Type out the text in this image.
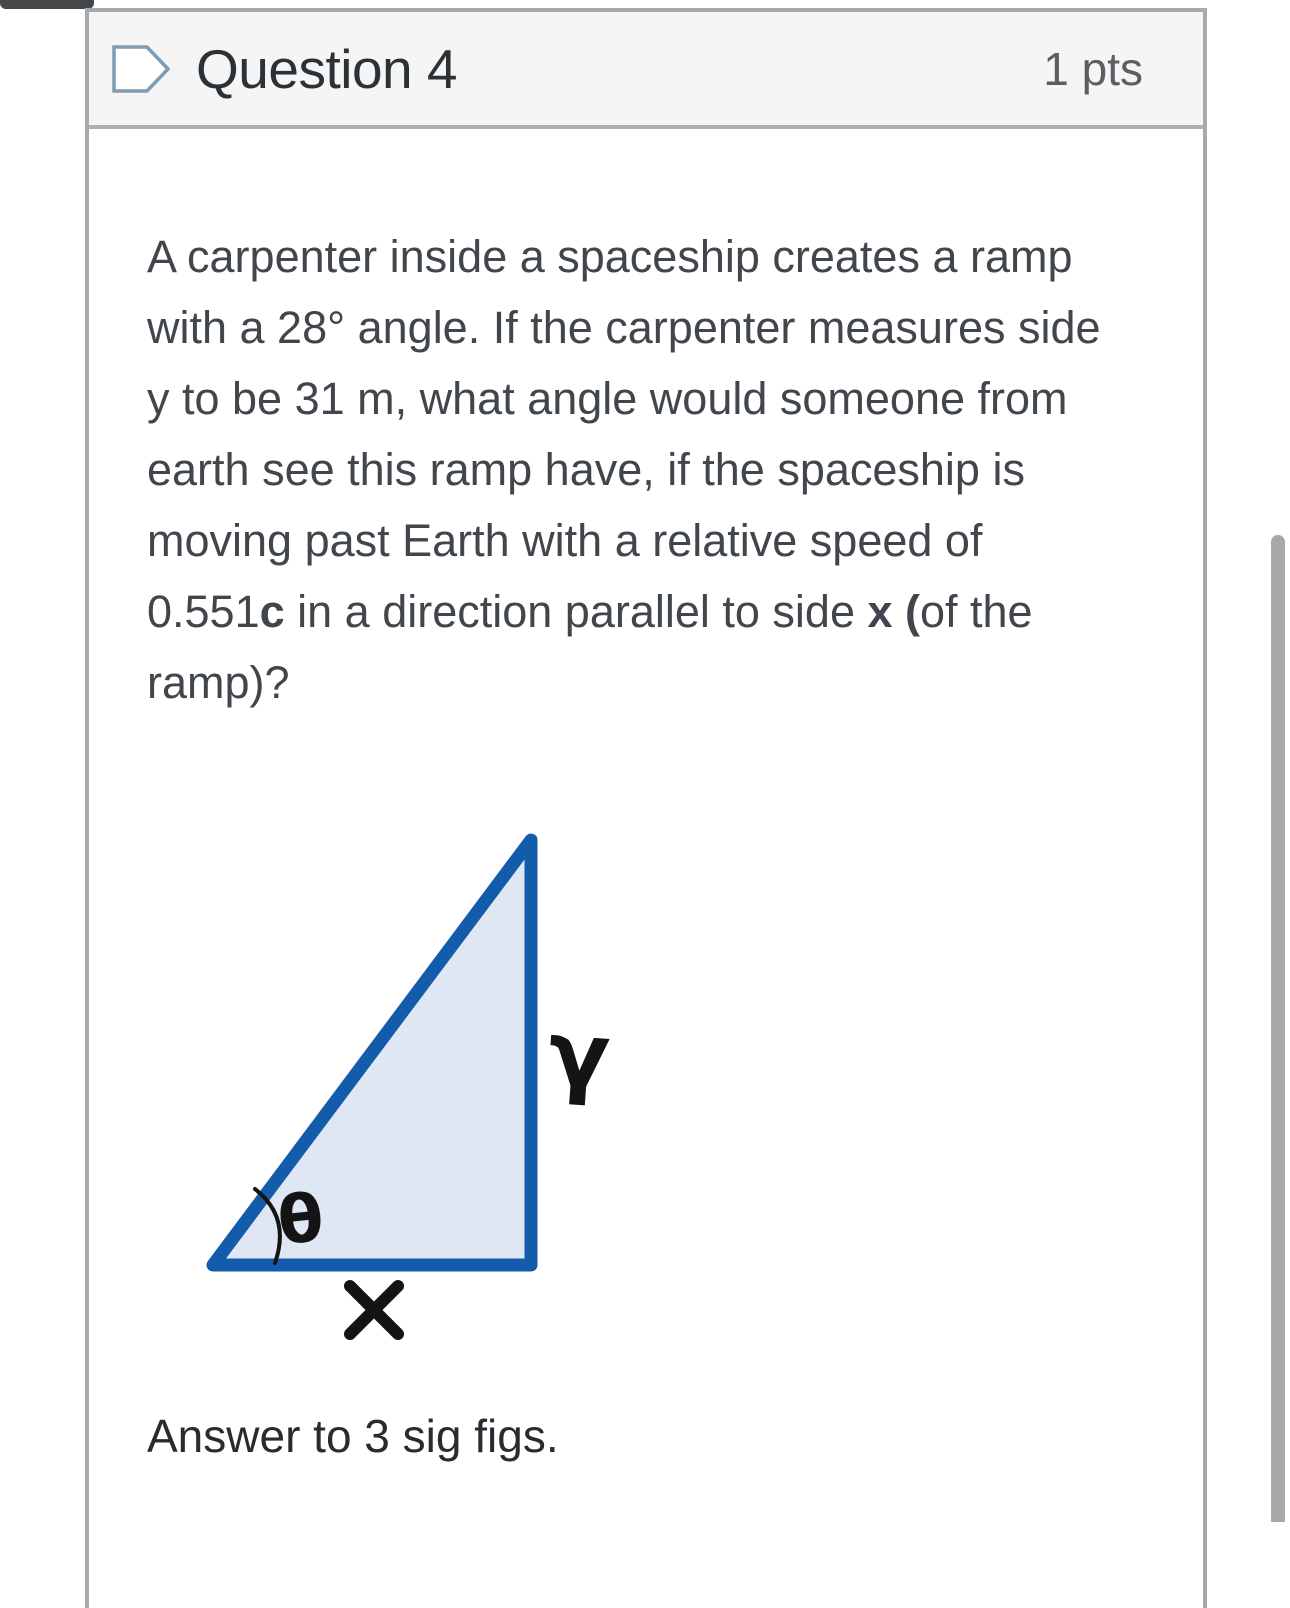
Question 4	1 pts

A carpenter inside a spaceship creates a ramp
with a 28° angle. If the carpenter measures side
y to be 31 m, what angle would someone from
earth see this ramp have, if the spaceship is
moving past Earth with a relative speed of
0.551c in a direction parallel to side x (of the
ramp)?

θ
γ

Answer to 3 sig figs.
